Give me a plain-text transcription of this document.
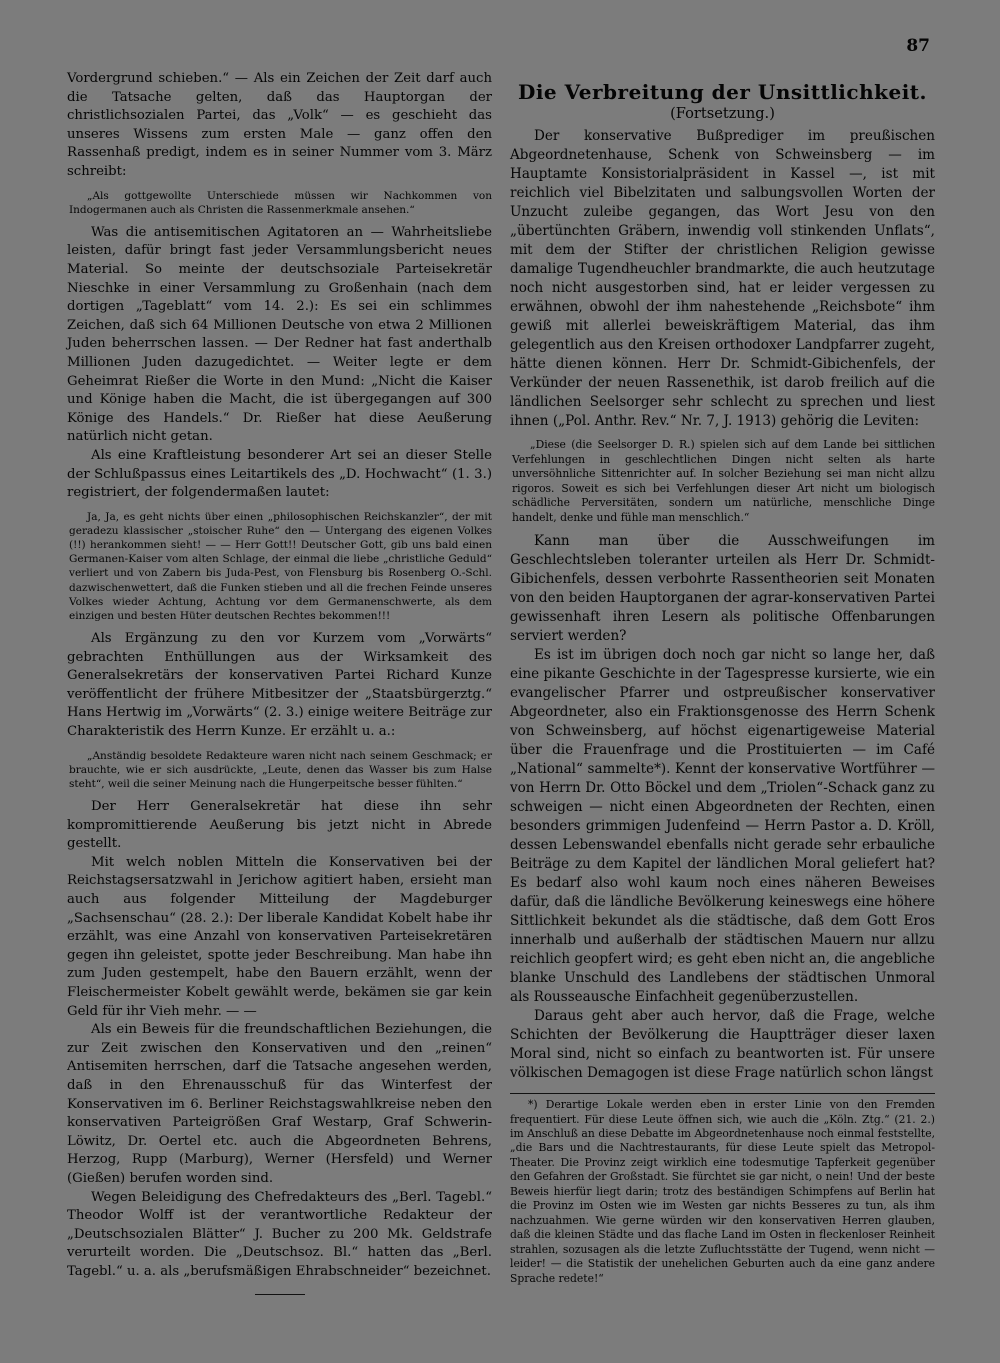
87

Vordergrund schieben.“ — Als ein Zeichen der Zeit darf auch die Tatsache gelten, daß das Hauptorgan der christlichsozialen Partei, das „Volk“ — es geschieht das unseres Wissens zum ersten Male — ganz offen den Rassenhaß predigt, indem es in seiner Nummer vom 3. März schreibt:

„Als gottgewollte Unterschiede müssen wir Nachkommen von Indogermanen auch als Christen die Rassenmerkmale ansehen.“

Was die antisemitischen Agitatoren an — Wahrheitsliebe leisten, dafür bringt fast jeder Versammlungsbericht neues Material. So meinte der deutschsoziale Parteisekretär Nieschke in einer Versammlung zu Großenhain (nach dem dortigen „Tageblatt“ vom 14. 2.): Es sei ein schlimmes Zeichen, daß sich 64 Millionen Deutsche von etwa 2 Millionen Juden beherrschen lassen. — Der Redner hat fast anderthalb Millionen Juden dazugedichtet. — Weiter legte er dem Geheimrat Rießer die Worte in den Mund: „Nicht die Kaiser und Könige haben die Macht, die ist übergegangen auf 300 Könige des Handels.“ Dr. Rießer hat diese Aeußerung natürlich nicht getan.

Als eine Kraftleistung besonderer Art sei an dieser Stelle der Schlußpassus eines Leitartikels des „D. Hochwacht“ (1. 3.) registriert, der folgendermaßen lautet:

Ja, Ja, es geht nichts über einen „philosophischen Reichskanzler“, der mit geradezu klassischer „stoischer Ruhe“ den — Untergang des eigenen Volkes (!!) herankommen sieht! — — Herr Gott!! Deutscher Gott, gib uns bald einen Germanen-Kaiser vom alten Schlage, der einmal die liebe „christliche Geduld“ verliert und von Zabern bis Juda-Pest, von Flensburg bis Rosenberg O.-Schl. dazwischenwettert, daß die Funken stieben und all die frechen Feinde unseres Volkes wieder Achtung, Achtung vor dem Germanenschwerte, als dem einzigen und besten Hüter deutschen Rechtes bekommen!!!

Als Ergänzung zu den vor Kurzem vom „Vorwärts“ gebrachten Enthüllungen aus der Wirksamkeit des Generalsekretärs der konservativen Partei Richard Kunze veröffentlicht der frühere Mitbesitzer der „Staatsbürgerztg.“ Hans Hertwig im „Vorwärts“ (2. 3.) einige weitere Beiträge zur Charakteristik des Herrn Kunze. Er erzählt u. a.:

„Anständig besoldete Redakteure waren nicht nach seinem Geschmack; er brauchte, wie er sich ausdrückte, „Leute, denen das Wasser bis zum Halse steht“, weil die seiner Meinung nach die Hungerpeitsche besser fühlten.“

Der Herr Generalsekretär hat diese ihn sehr kompromittierende Aeußerung bis jetzt nicht in Abrede gestellt.

Mit welch noblen Mitteln die Konservativen bei der Reichstagsersatzwahl in Jerichow agitiert haben, ersieht man auch aus folgender Mitteilung der Magdeburger „Sachsenschau“ (28. 2.): Der liberale Kandidat Kobelt habe ihr erzählt, was eine Anzahl von konservativen Parteisekretären gegen ihn geleistet, spotte jeder Beschreibung. Man habe ihn zum Juden gestempelt, habe den Bauern erzählt, wenn der Fleischermeister Kobelt gewählt werde, bekämen sie gar kein Geld für ihr Vieh mehr. — —

Als ein Beweis für die freundschaftlichen Beziehungen, die zur Zeit zwischen den Konservativen und den „reinen“ Antisemiten herrschen, darf die Tatsache angesehen werden, daß in den Ehrenausschuß für das Winterfest der Konservativen im 6. Berliner Reichstagswahlkreise neben den konservativen Parteigrößen Graf Westarp, Graf Schwerin-Löwitz, Dr. Oertel etc. auch die Abgeordneten Behrens, Herzog, Rupp (Marburg), Werner (Hersfeld) und Werner (Gießen) berufen worden sind.

Wegen Beleidigung des Chefredakteurs des „Berl. Tagebl.“ Theodor Wolff ist der verantwortliche Redakteur der „Deutschsozialen Blätter“ J. Bucher zu 200 Mk. Geldstrafe verurteilt worden. Die „Deutschsoz. Bl.“ hatten das „Berl. Tagebl.“ u. a. als „berufsmäßigen Ehrabschneider“ bezeichnet.

Die Verbreitung der Unsittlichkeit.
(Fortsetzung.)

Der konservative Bußprediger im preußischen Abgeordnetenhause, Schenk von Schweinsberg — im Hauptamte Konsistorialpräsident in Kassel —, ist mit reichlich viel Bibelzitaten und salbungsvollen Worten der Unzucht zuleibe gegangen, das Wort Jesu von den „übertünchten Gräbern, inwendig voll stinkenden Unflats“, mit dem der Stifter der christlichen Religion gewisse damalige Tugendheuchler brandmarkte, die auch heutzutage noch nicht ausgestorben sind, hat er leider vergessen zu erwähnen, obwohl der ihm nahestehende „Reichsbote“ ihm gewiß mit allerlei beweiskräftigem Material, das ihm gelegentlich aus den Kreisen orthodoxer Landpfarrer zugeht, hätte dienen können. Herr Dr. Schmidt-Gibichenfels, der Verkünder der neuen Rassenethik, ist darob freilich auf die ländlichen Seelsorger sehr schlecht zu sprechen und liest ihnen („Pol. Anthr. Rev.“ Nr. 7, J. 1913) gehörig die Leviten:

„Diese (die Seelsorger D. R.) spielen sich auf dem Lande bei sittlichen Verfehlungen in geschlechtlichen Dingen nicht selten als harte unversöhnliche Sittenrichter auf. In solcher Beziehung sei man nicht allzu rigoros. Soweit es sich bei Verfehlungen dieser Art nicht um biologisch schädliche Perversitäten, sondern um natürliche, menschliche Dinge handelt, denke und fühle man menschlich.“

Kann man über die Ausschweifungen im Geschlechtsleben toleranter urteilen als Herr Dr. Schmidt-Gibichenfels, dessen verbohrte Rassentheorien seit Monaten von den beiden Hauptorganen der agrar-konservativen Partei gewissenhaft ihren Lesern als politische Offenbarungen serviert werden?

Es ist im übrigen doch noch gar nicht so lange her, daß eine pikante Geschichte in der Tagespresse kursierte, wie ein evangelischer Pfarrer und ostpreußischer konservativer Abgeordneter, also ein Fraktionsgenosse des Herrn Schenk von Schweinsberg, auf höchst eigenartigeweise Material über die Frauenfrage und die Prostituierten — im Café „National“ sammelte*). Kennt der konservative Wortführer — von Herrn Dr. Otto Böckel und dem „Triolen“-Schack ganz zu schweigen — nicht einen Abgeordneten der Rechten, einen besonders grimmigen Judenfeind — Herrn Pastor a. D. Kröll, dessen Lebenswandel ebenfalls nicht gerade sehr erbauliche Beiträge zu dem Kapitel der ländlichen Moral geliefert hat? Es bedarf also wohl kaum noch eines näheren Beweises dafür, daß die ländliche Bevölkerung keineswegs eine höhere Sittlichkeit bekundet als die städtische, daß dem Gott Eros innerhalb und außerhalb der städtischen Mauern nur allzu reichlich geopfert wird; es geht eben nicht an, die angebliche blanke Unschuld des Landlebens der städtischen Unmoral als Rousseausche Einfachheit gegenüberzustellen.

Daraus geht aber auch hervor, daß die Frage, welche Schichten der Bevölkerung die Hauptträger dieser laxen Moral sind, nicht so einfach zu beantworten ist. Für unsere völkischen Demagogen ist diese Frage natürlich schon längst

*) Derartige Lokale werden eben in erster Linie von den Fremden frequentiert. Für diese Leute öffnen sich, wie auch die „Köln. Ztg.“ (21. 2.) im Anschluß an diese Debatte im Abgeordnetenhause noch einmal feststellte, „die Bars und die Nachtrestaurants, für diese Leute spielt das Metropol-Theater. Die Provinz zeigt wirklich eine todesmutige Tapferkeit gegenüber den Gefahren der Großstadt. Sie fürchtet sie gar nicht, o nein! Und der beste Beweis hierfür liegt darin; trotz des beständigen Schimpfens auf Berlin hat die Provinz im Osten wie im Westen gar nichts Besseres zu tun, als ihm nachzuahmen. Wie gerne würden wir den konservativen Herren glauben, daß die kleinen Städte und das flache Land im Osten in fleckenloser Reinheit strahlen, sozusagen als die letzte Zufluchtsstätte der Tugend, wenn nicht — leider! — die Statistik der unehelichen Geburten auch da eine ganz andere Sprache redete!“
